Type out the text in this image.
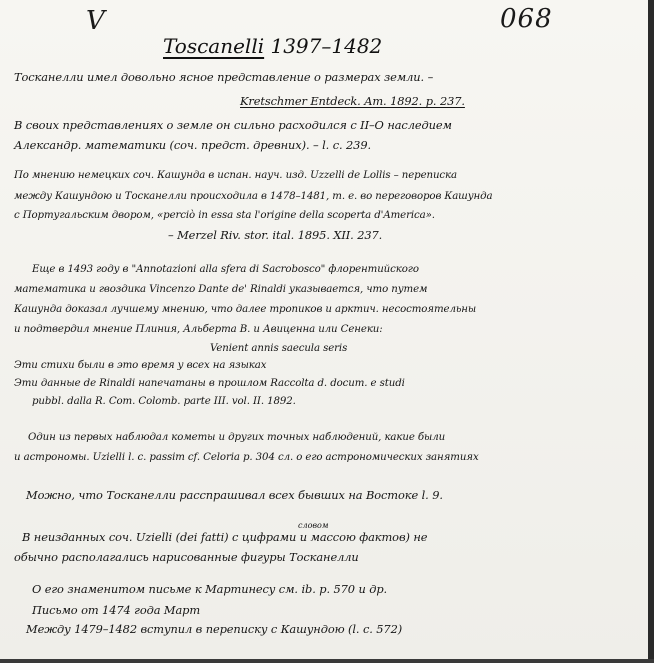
V	068
Toscanelli 1397–1482
Тосканелли имел довольно ясное представление о размерах земли. –
Kretschmer Entdeck. Am. 1892. p. 237.
В своих представлениях о земле он сильно расходился с II–О наследием
Александр. математики (соч. предст. древних). – l. c. 239.
По мнению немецких соч. Кашунда в испан. науч. изд. Uzzelli de Lollis – переписка
между Кашундою и Тосканелли происходила в 1478–1481, т. е. во переговоров Кашунда
с Португальским двором, «perciò in essa sta l'origine della scoperta d'America».
– Merzel Riv. stor. ital. 1895. XII. 237.
Еще в 1493 году в "Annotazioni alla sfera di Sacrobosco" флорентийского
математика и гвоздика Vincenzo Dante de' Rinaldi указывается, что путем
Кашунда доказал лучшему мнению, что далее тропиков и арктич. несостоятельны
и подтвердил мнение Плиния, Альберта В. и Авиценна или Сенеки:
Venient annis saecula seris
Эти стихи были в это время у всех на языках
Эти данные de Rinaldi напечатаны в прошлом Raccolta d. docum. e studi
pubbl. dalla R. Com. Colomb. parte III. vol. II. 1892.
Один из первых наблюдал кометы и других точных наблюдений, какие были
и астрономы. Uzielli l. c. passim cf. Celoria p. 304 сл. о его астрономических занятиях
Можно, что Тосканелли расспрашивал всех бывших на Востоке l. 9.
словом
В неизданных соч. Uzielli (dei fatti) с цифрами и массою фактов) не
обычно располагались нарисованные фигуры Тосканелли
О его знаменитом письме к Мартинесу см. ib. p. 570 и др.
Письмо от 1474 года Март
Между 1479–1482 вступил в переписку с Кашундою (l. c. 572)
